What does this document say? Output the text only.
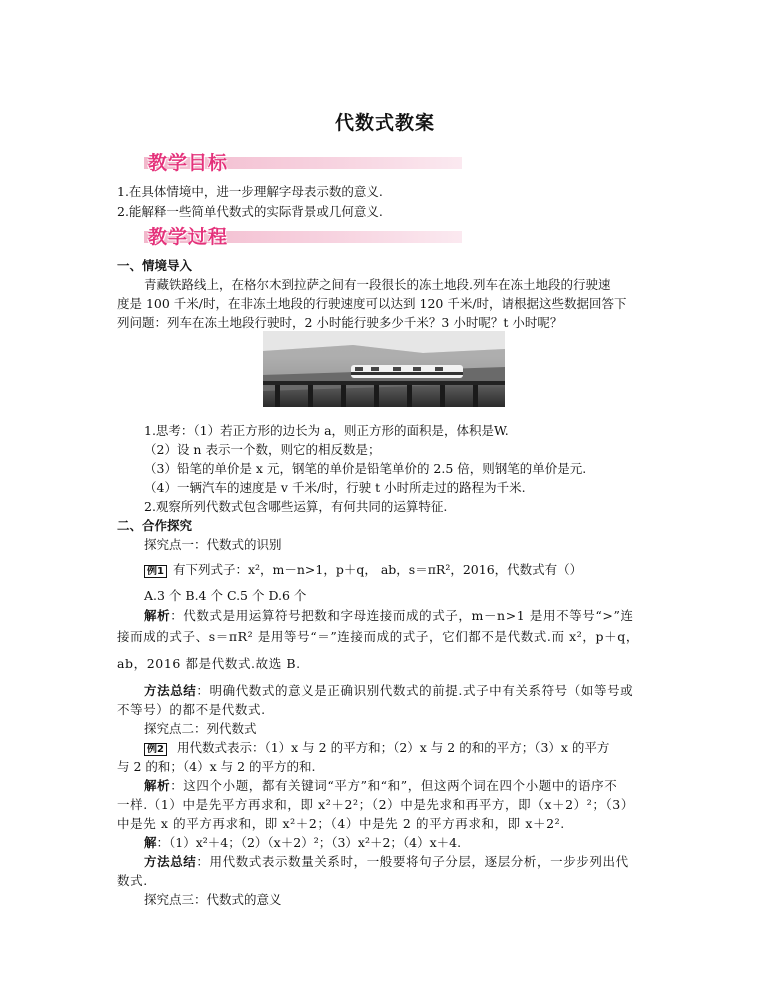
代数式教案
教学目标
1.在具体情境中，进一步理解字母表示数的意义.
2.能解释一些简单代数式的实际背景或几何意义.
教学过程
一、情境导入
青藏铁路线上，在格尔木到拉萨之间有一段很长的冻土地段.列车在冻土地段的行驶速
度是 100 千米/时，在非冻土地段的行驶速度可以达到 120 千米/时，请根据这些数据回答下
列问题：列车在冻土地段行驶时，2 小时能行驶多少千米？3 小时呢？t 小时呢？
1.思考：（1）若正方形的边长为 a，则正方形的面积是，体积是W.
（2）设 n 表示一个数，则它的相反数是；
（3）铅笔的单价是 x 元，钢笔的单价是铅笔单价的 2.5 倍，则钢笔的单价是元.
（4）一辆汽车的速度是 v 千米/时，行驶 t 小时所走过的路程为千米.
2.观察所列代数式包含哪些运算，有何共同的运算特征.
二、合作探究
探究点一：代数式的识别
例1 有下列式子：x²，m－n>1，p＋q， ab，s＝πR²，2016，代数式有（）
A.3 个 B.4 个 C.5 个 D.6 个
解析：代数式是用运算符号把数和字母连接而成的式子，m－n>1 是用不等号“>”连
接而成的式子、s＝πR² 是用等号“＝”连接而成的式子，它们都不是代数式.而 x²，p＋q，
ab，2016 都是代数式.故选 B.
方法总结：明确代数式的意义是正确识别代数式的前提.式子中有关系符号（如等号或
不等号）的都不是代数式.
探究点二：列代数式
例2 用代数式表示：（1）x 与 2 的平方和；（2）x 与 2 的和的平方；（3）x 的平方
与 2 的和；（4）x 与 2 的平方的和.
解析：这四个小题，都有关键词“平方”和“和”，但这两个词在四个小题中的语序不
一样.（1）中是先平方再求和，即 x²＋2²；（2）中是先求和再平方，即（x＋2）²；（3）
中是先 x 的平方再求和，即 x²＋2；（4）中是先 2 的平方再求和，即 x＋2².
解：（1）x²＋4；（2）（x＋2）²；（3）x²＋2；（4）x＋4.
方法总结：用代数式表示数量关系时，一般要将句子分层，逐层分析，一步步列出代
数式.
探究点三：代数式的意义
